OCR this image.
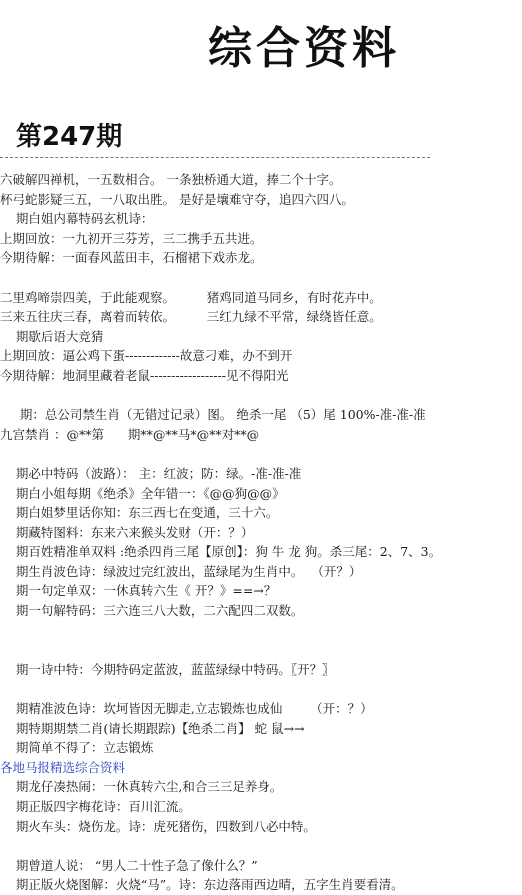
综合资料
第247期
六破解四禅机，一五数相合。 一条独桥通大道，捧二个十字。
杯弓蛇影疑三五，一八取出胜。 是好是壤难守夺，追四六四八。
期白姐内幕特码玄机诗：
上期回放：一九初开三芬芳，三二携手五共进。
今期待解：一面春风蓝田丰，石榴裙下戏赤龙。
二里鸡啼崇四美，于此能观察。        猪鸡同道马同乡，有时花卉中。
三来五往庆三春，离着而转依。        三红九绿不平常，绿绕皆任意。
期歇后语大竞猜
上期回放：逼公鸡下蛋-------------故意刁难，办不到开
今期待解：地洞里藏着老鼠------------------见不得阳光
期：总公司禁生肖（无错过记录）图。 绝杀一尾 （5）尾 100%-准-准-准
九宫禁肖 ：@**第      期**@**马*@**对**@
期必中特码（波路）： 主：红波；防：绿。-准-准-准
期白小姐每期《绝杀》全年错一：《@@狗@@》
期白姐梦里话你知：东三西七在变通，三十六。
期藏特图料：东来六来猴头发财（开：？）
期百姓精准单双料 :绝杀四肖三尾【原创】：狗 牛 龙 狗。杀三尾：2、7、3。
期生肖波色诗：绿波过完红波出，蓝绿尾为生肖中。  （开？）
期一句定单双：一休真转六生《 开？》==→？
期一句解特码：三六连三八大数，二六配四二双数。
期一诗中特：今期特码定蓝波，蓝蓝绿绿中特码。〖开？〗
期精准波色诗：坎坷皆因无脚走,立志锻炼也成仙       （开：？）
期特期期禁二肖(请长期跟踪)【绝杀二肖】 蛇 鼠→→
期简单不得了：立志锻炼
各地马报精选综合资料
期龙仔凑热闹：一休真转六尘,和合三三足养身。
期正版四字梅花诗：百川汇流。
期火车头：烧伤龙。诗：虎死猪伤，四数到八必中特。
期曾道人说： “男人二十性子急了像什么？”
期正版火烧图解：火烧“马”。诗：东边落雨西边晴，五字生肖要看清。
